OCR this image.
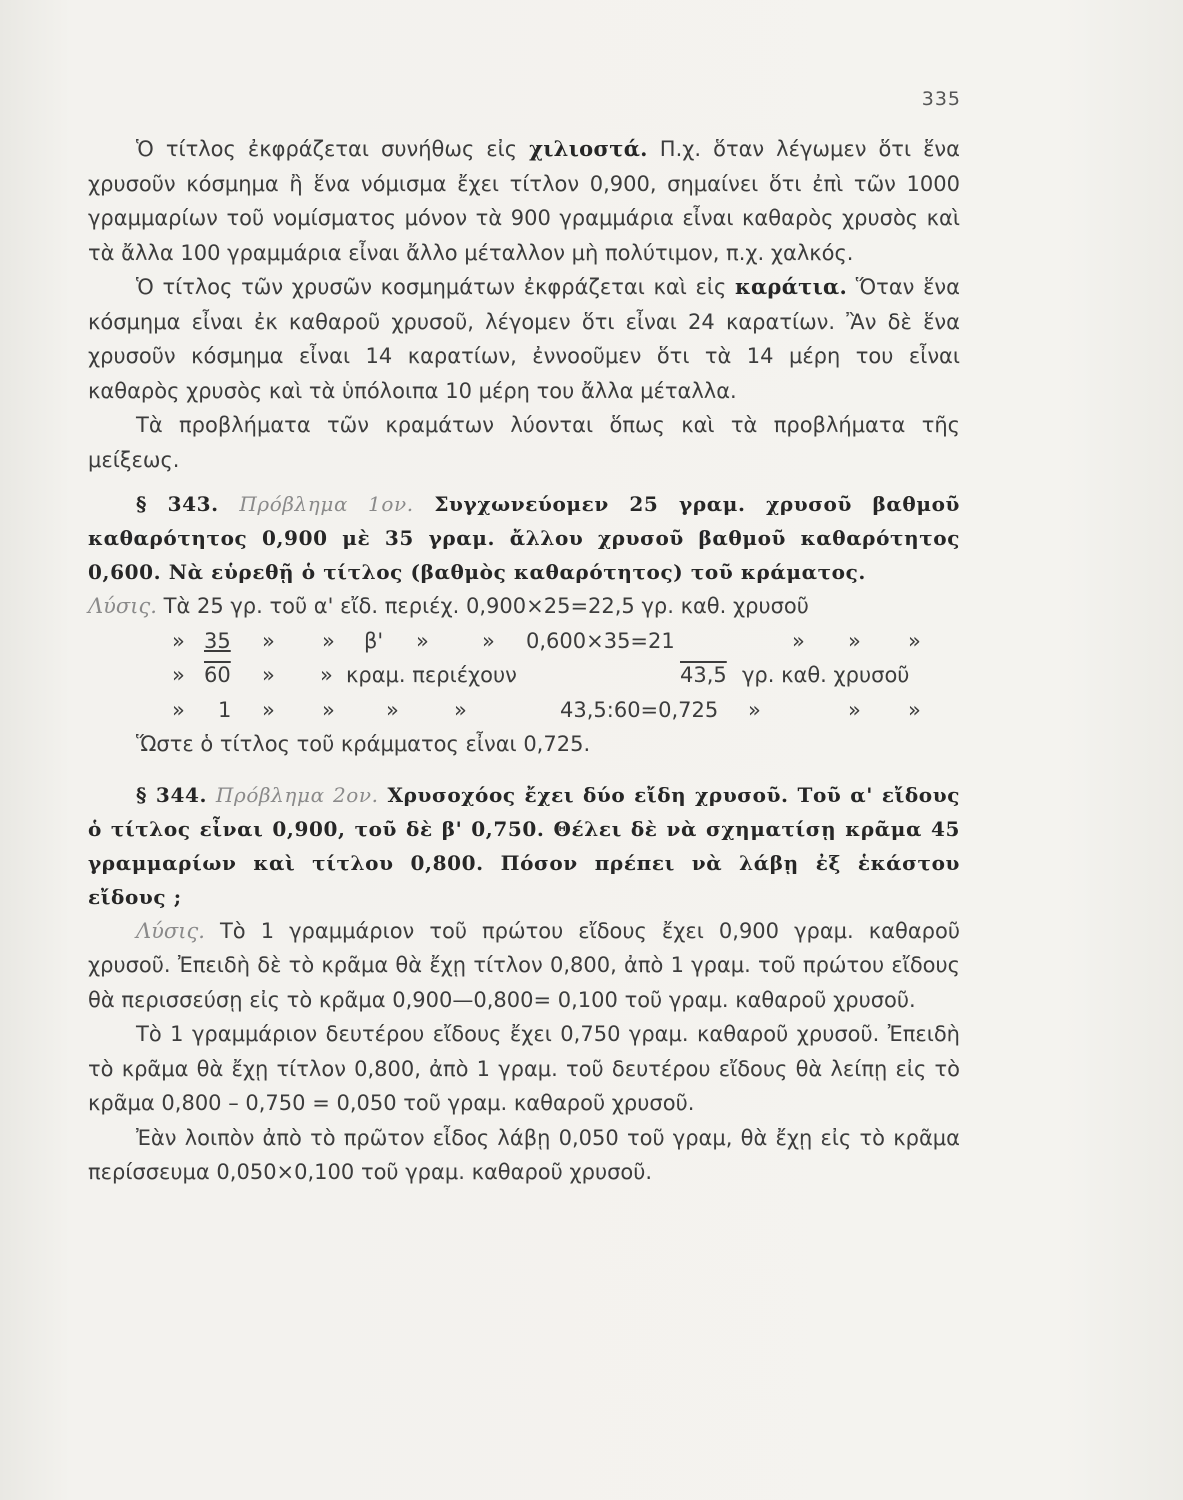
335

Ὁ τίτλος ἐκφράζεται συνήθως εἰς χιλιοστά. Π.χ. ὅταν λέγωμεν ὅτι ἕνα χρυσοῦν κόσμημα ἢ ἕνα νόμισμα ἔχει τίτλον 0,900, σημαίνει ὅτι ἐπὶ τῶν 1000 γραμμαρίων τοῦ νομίσματος μόνον τὰ 900 γραμμάρια εἶναι καθαρὸς χρυσὸς καὶ τὰ ἄλλα 100 γραμμάρια εἶναι ἄλλο μέταλλον μὴ πολύτιμον, π.χ. χαλκός.

Ὁ τίτλος τῶν χρυσῶν κοσμημάτων ἐκφράζεται καὶ εἰς καράτια. Ὅταν ἕνα κόσμημα εἶναι ἐκ καθαροῦ χρυσοῦ, λέγομεν ὅτι εἶναι 24 καρατίων. Ἂν δὲ ἕνα χρυσοῦν κόσμημα εἶναι 14 καρατίων, ἐννοοῦμεν ὅτι τὰ 14 μέρη του εἶναι καθαρὸς χρυσὸς καὶ τὰ ὑπόλοιπα 10 μέρη του ἄλλα μέταλλα.

Τὰ προβλήματα τῶν κραμάτων λύονται ὅπως καὶ τὰ προβλήματα τῆς μείξεως.

§ 343. Πρόβλημα 1ον. Συγχωνεύομεν 25 γραμ. χρυσοῦ βαθμοῦ καθαρότητος 0,900 μὲ 35 γραμ. ἄλλου χρυσοῦ βαθμοῦ καθαρότητος 0,600. Νὰ εὑρεθῇ ὁ τίτλος (βαθμὸς καθαρότητος) τοῦ κράματος.

Λύσις. Τὰ 25 γρ. τοῦ α' εἴδ. περιέχ. 0,900×25=22,5 γρ. καθ. χρυσοῦ

» 35 » » β' »	» 0,600×35=21	» » »
» 60 » » κραμ. περιέχουν	43,5 γρ. καθ. χρυσοῦ
» 1 » » »	»	43,5:60=0,725 »	» »

Ὥστε ὁ τίτλος τοῦ κράμματος εἶναι 0,725.

§ 344. Πρόβλημα 2ον. Χρυσοχόος ἔχει δύο εἴδη χρυσοῦ. Τοῦ α' εἴδους ὁ τίτλος εἶναι 0,900, τοῦ δὲ β' 0,750. Θέλει δὲ νὰ σχηματίσῃ κρᾶμα 45 γραμμαρίων καὶ τίτλου 0,800. Πόσον πρέπει νὰ λάβῃ ἐξ ἑκάστου εἴδους ;

Λύσις. Τὸ 1 γραμμάριον τοῦ πρώτου εἴδους ἔχει 0,900 γραμ. καθαροῦ χρυσοῦ. Ἐπειδὴ δὲ τὸ κρᾶμα θὰ ἔχῃ τίτλον 0,800, ἀπὸ 1 γραμ. τοῦ πρώτου εἴδους θὰ περισσεύσῃ εἰς τὸ κρᾶμα 0,900—0,800= 0,100 τοῦ γραμ. καθαροῦ χρυσοῦ.

Τὸ 1 γραμμάριον δευτέρου εἴδους ἔχει 0,750 γραμ. καθαροῦ χρυσοῦ. Ἐπειδὴ τὸ κρᾶμα θὰ ἔχῃ τίτλον 0,800, ἀπὸ 1 γραμ. τοῦ δευτέρου εἴδους θὰ λείπῃ εἰς τὸ κρᾶμα 0,800 – 0,750 = 0,050 τοῦ γραμ. καθαροῦ χρυσοῦ.

Ἐὰν λοιπὸν ἀπὸ τὸ πρῶτον εἶδος λάβῃ 0,050 τοῦ γραμ, θὰ ἔχῃ εἰς τὸ κρᾶμα περίσσευμα 0,050×0,100 τοῦ γραμ. καθαροῦ χρυσοῦ.
